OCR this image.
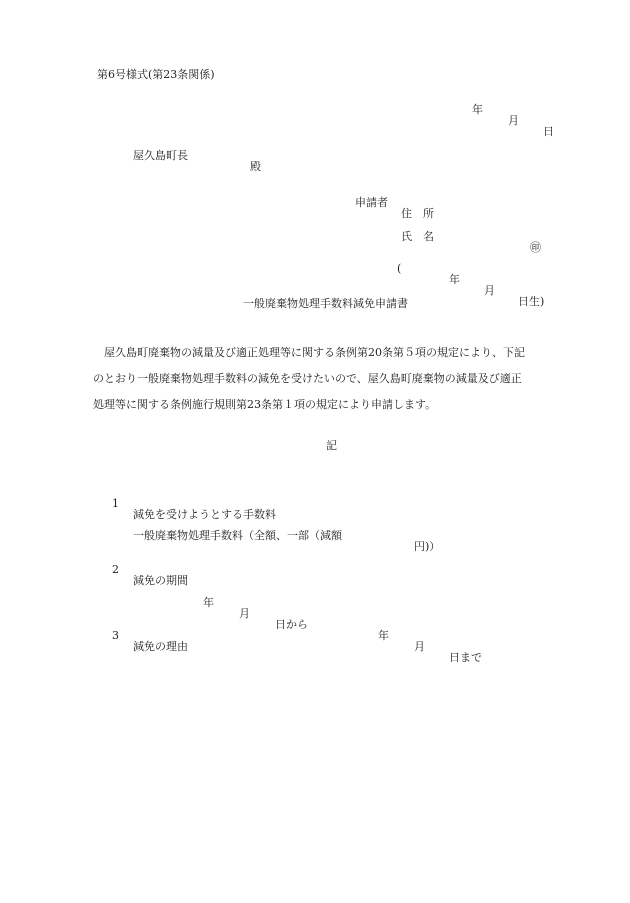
第6号様式(第23条関係)

年

月

日

屋久島町長

殿

申請者

住　所

氏　名

㊞

(

年

月

日生)

一般廃棄物処理手数料減免申請書
　屋久島町廃棄物の減量及び適正処理等に関する条例第20条第５項の規定により、下記
のとおり一般廃棄物処理手数料の減免を受けたいので、屋久島町廃棄物の減量及び適正
処理等に関する条例施行規則第23条第１項の規定により申請します。
記

1

減免を受けようとする手数料

一般廃棄物処理手数料（全額、一部（減額

円)）

2

減免の期間

年

月

日から

年

月

日まで

3

減免の理由
